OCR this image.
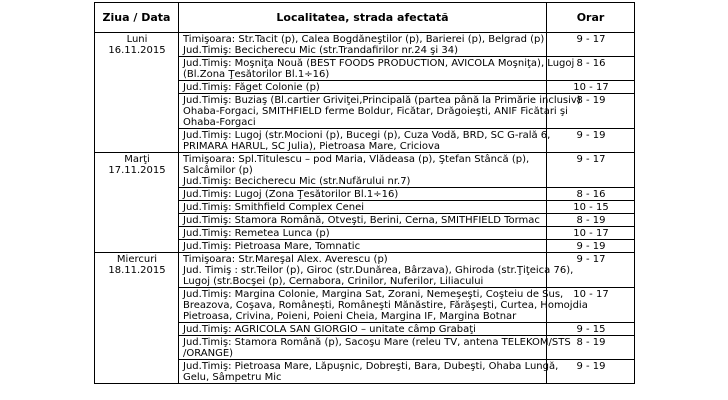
Ziua / Data	Localitatea, strada afectată	Orar

Luni
16.11.2015	Timişoara: Str.Tacit (p), Calea Bogdăneştilor (p), Barierei (p), Belgrad (p)
Jud.Timiş: Becicherecu Mic (str.Trandafirilor nr.24 şi 34)	9 - 17

	Jud.Timiş: Moşniţa Nouă (BEST FOODS PRODUCTION, AVICOLA Moşniţa), Lugoj
(Bl.Zona Ţesătorilor Bl.1÷16)	8 - 16

	Jud.Timiş: Făget Colonie (p)	10 - 17

	Jud.Timiş: Buziaş (Bl.cartier Griviţei,Principală (partea până la Primărie inclusiv)
Ohaba-Forgaci, SMITHFIELD ferme Boldur, Ficătar, Drăgoieşti, ANIF Ficătari şi
Ohaba-Forgaci	8 - 19

	Jud.Timiş: Lugoj (str.Mocioni (p), Bucegi (p), Cuza Vodă, BRD, SC G-rală 6,
PRIMARA HARUL, SC Julia), Pietroasa Mare, Criciova	9 - 19

Marţi
17.11.2015	Timişoara: Spl.Titulescu – pod Maria, Vlădeasa (p), Ştefan Stâncă (p),
Salcâmilor (p)
Jud.Timiş: Becicherecu Mic (str.Nufărului nr.7)	9 - 17

	Jud.Timiş: Lugoj (Zona Ţesătorilor Bl.1÷16)	8 - 16

	Jud.Timiş: Smithfield Complex Cenei	10 - 15

	Jud.Timiş: Stamora Română, Otveşti, Berini, Cerna, SMITHFIELD Tormac	8 - 19

	Jud.Timiş: Remetea Lunca (p)	10 - 17

	Jud.Timiş: Pietroasa Mare, Tomnatic	9 - 19

Miercuri
18.11.2015	Timişoara: Str.Mareşal Alex. Averescu (p)
Jud. Timiş : str.Teilor (p), Giroc (str.Dunărea, Bârzava), Ghiroda (str.Ţiţeica 76),
Lugoj (str.Bocşei (p), Cernabora, Crinilor, Nuferilor, Liliacului	9 - 17

	Jud.Timiş: Margina Colonie, Margina Sat, Zorani, Nemeşeşti, Coşteiu de Sus,
Breazova, Coşava, Românești, Româneşti Mănăstire, Fărăşeşti, Curtea, Homojdia
Pietroasa, Crivina, Poieni, Poieni Cheia, Margina IF, Margina Botnar	10 - 17

	Jud.Timiş: AGRICOLA SAN GIORGIO – unitate câmp Grabaţi	9 - 15

	Jud.Timiş: Stamora Română (p), Sacoşu Mare (releu TV, antena TELEKOM/STS
/ORANGE)	8 - 19

	Jud.Timiş: Pietroasa Mare, Lăpuşnic, Dobreşti, Bara, Dubeşti, Ohaba Lungă,
Gelu, Sâmpetru Mic	9 - 19
